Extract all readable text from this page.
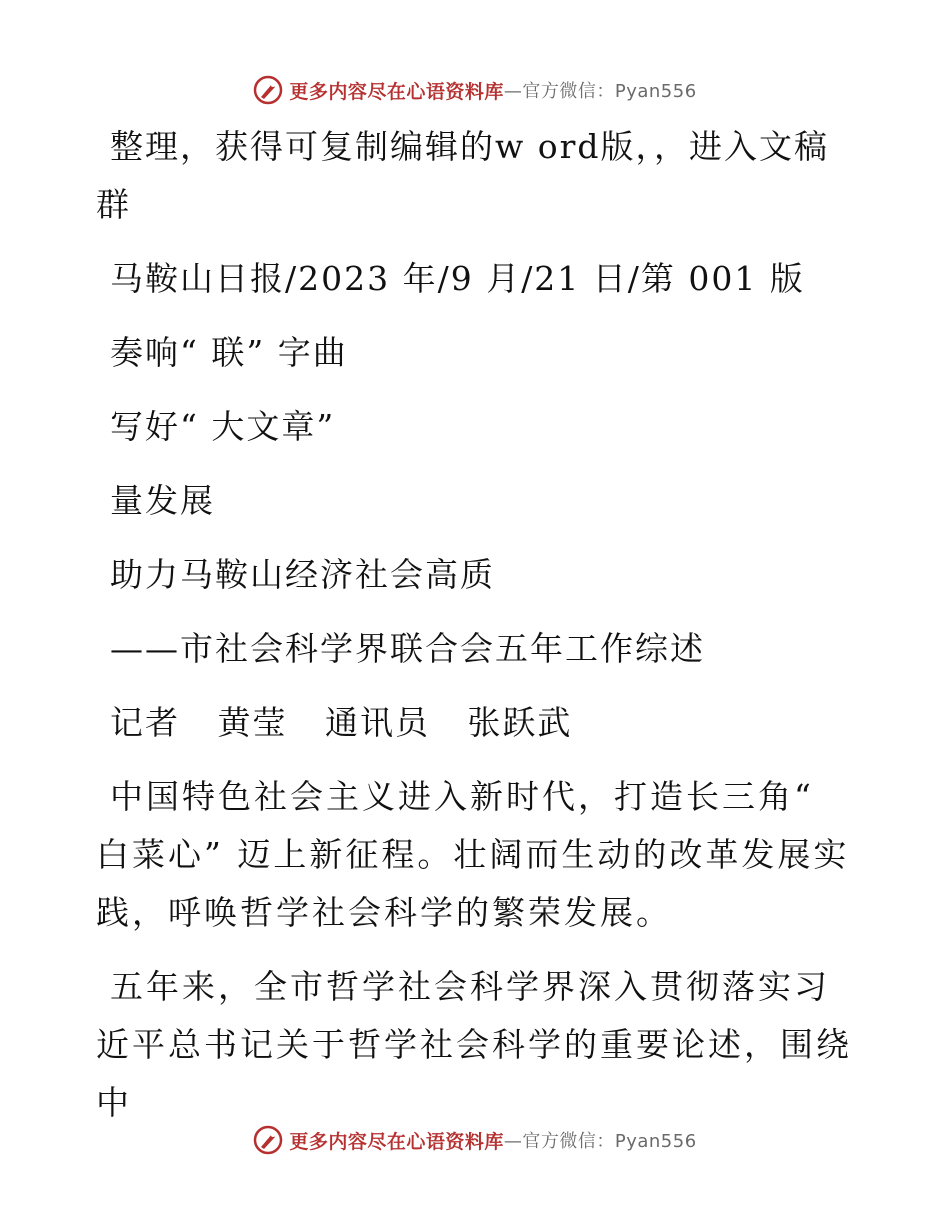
更多内容尽在心语资料库 —官方微信：Pyan556

整理，获得可复制编辑的w ord版，，进入文稿

群

马鞍山日报/2023 年/9 月/21 日/第 001 版

奏响“ 联” 字曲

写好“ 大文章”

量发展

助力马鞍山经济社会高质

——市社会科学界联合会五年工作综述

记者   黄莹   通讯员   张跃武

中国特色社会主义进入新时代，打造长三角“ 白菜心” 迈上新征程。壮阔而生动的改革发展实践，呼唤哲学社会科学的繁荣发展。

五年来，全市哲学社会科学界深入贯彻落实习近平总书记关于哲学社会科学的重要论述，围绕中

更多内容尽在心语资料库 —官方微信：Pyan556
